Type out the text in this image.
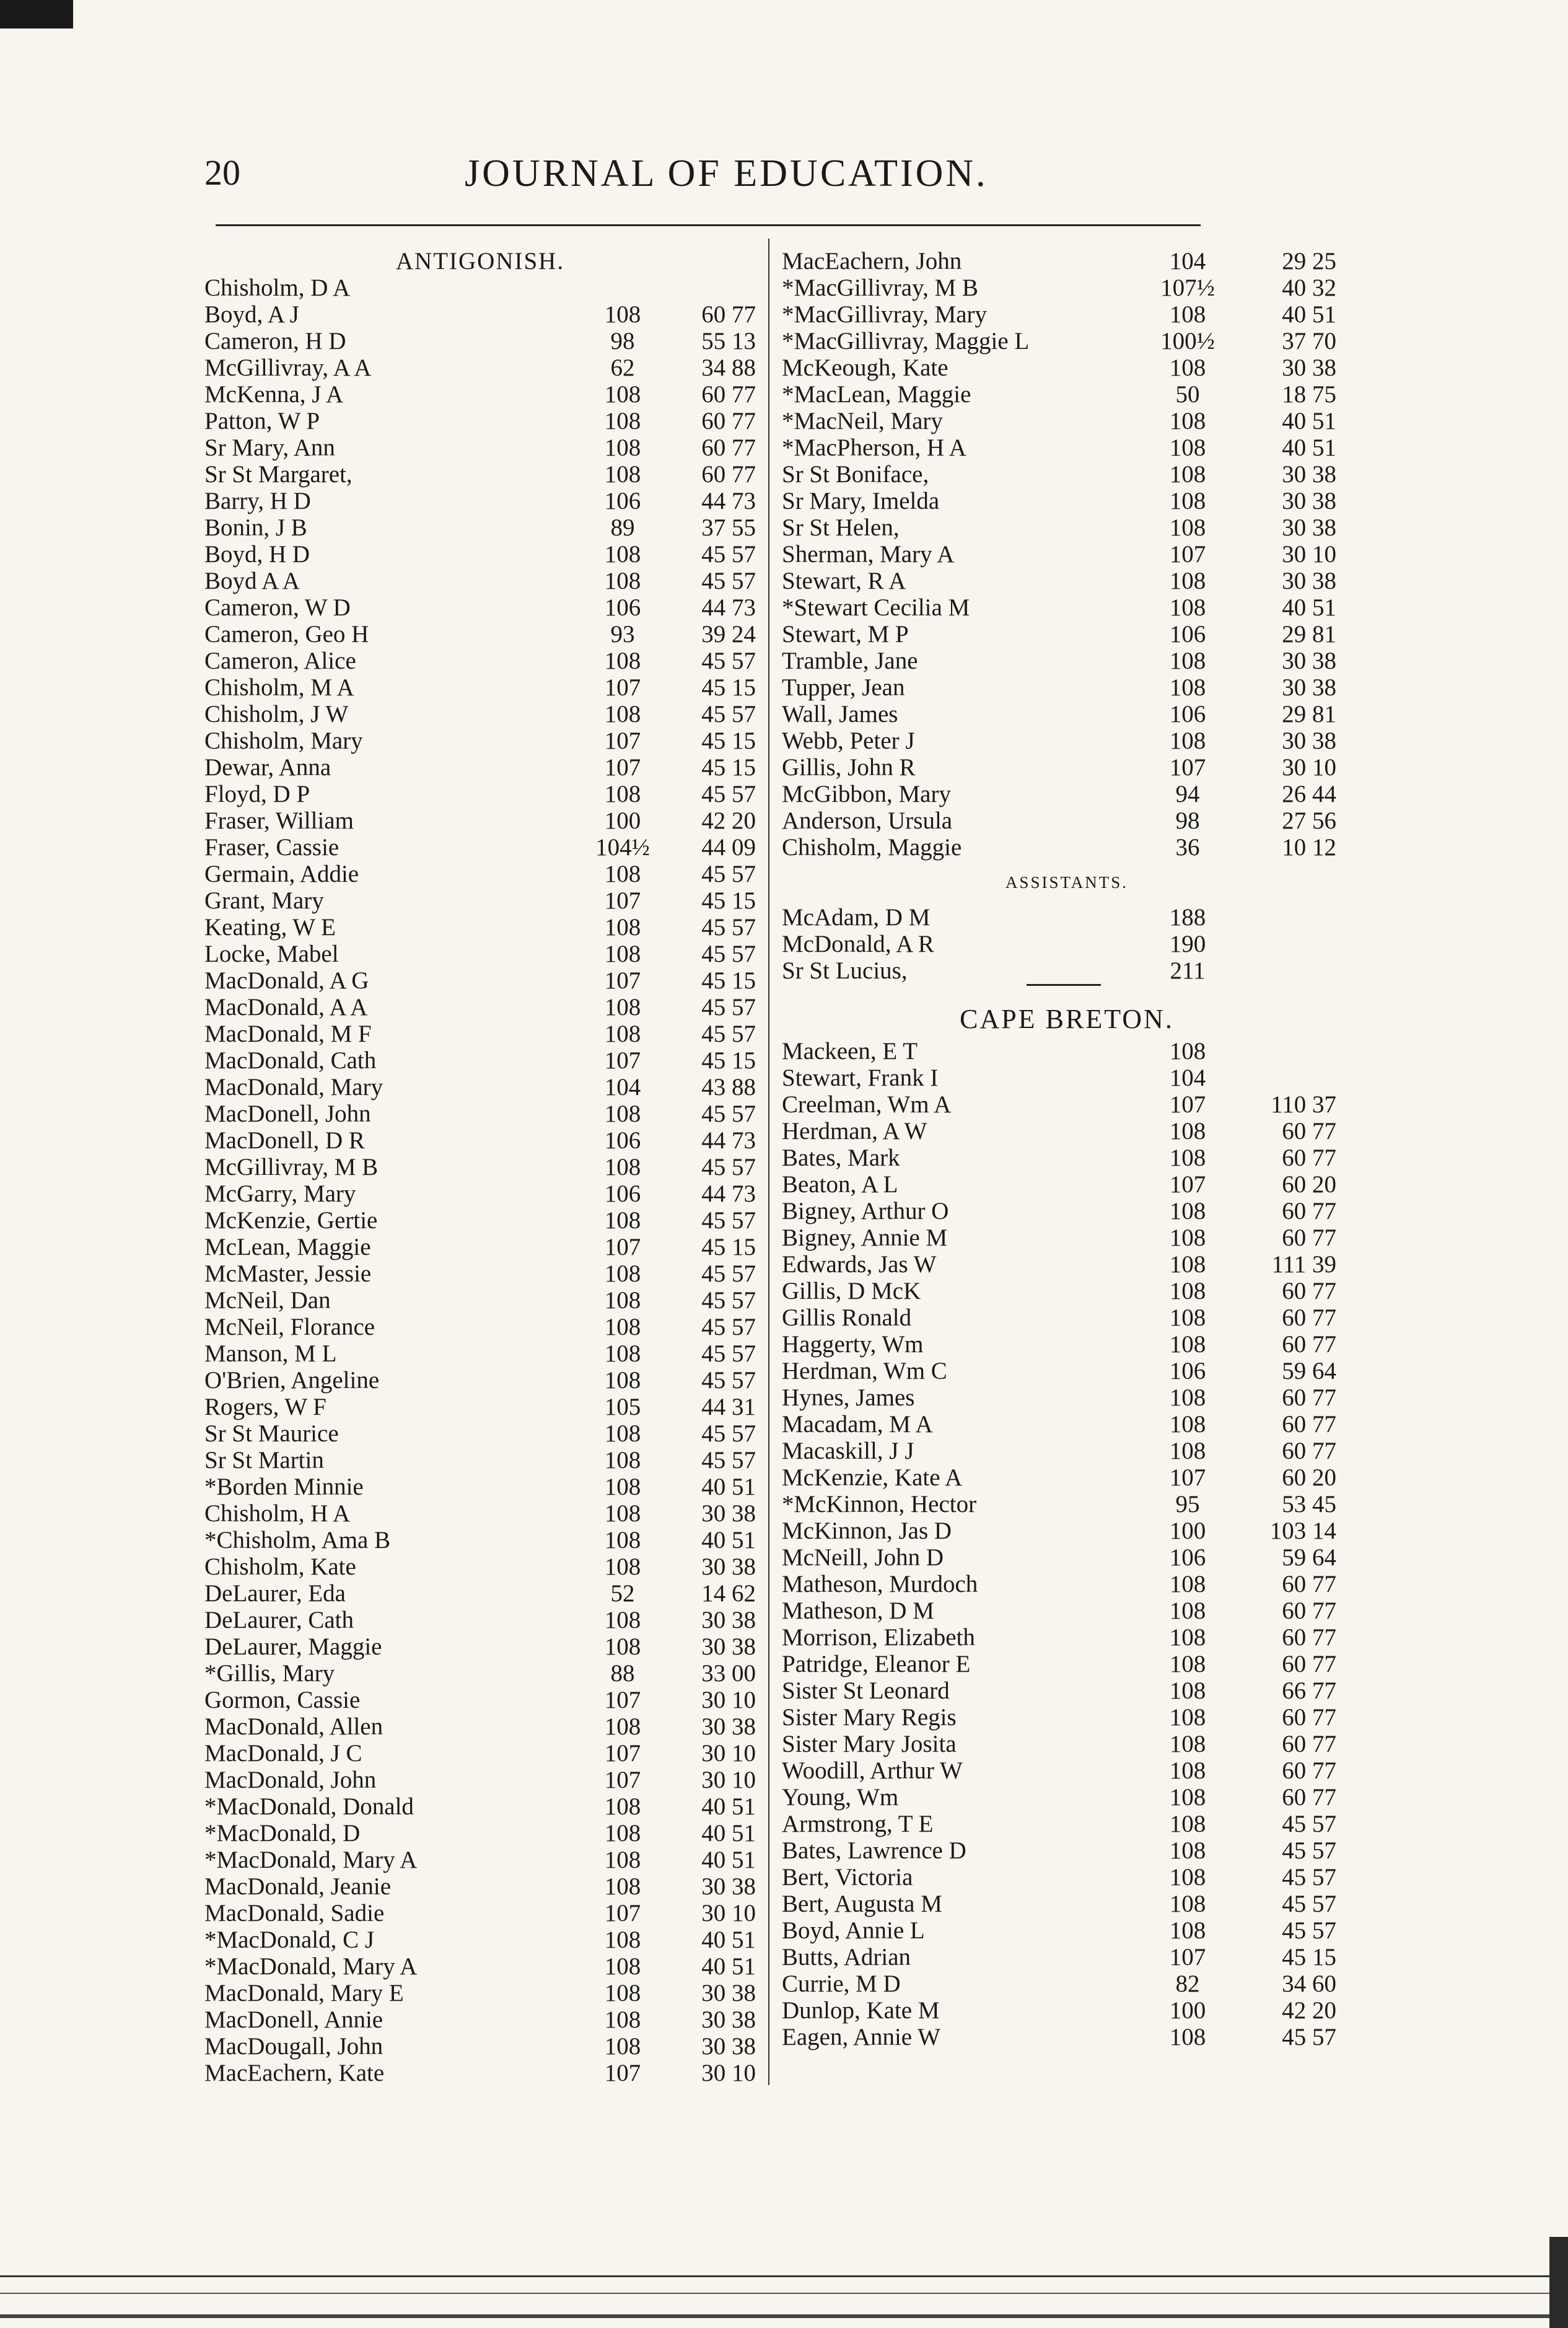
20	JOURNAL OF EDUCATION.
ANTIGONISH.
Chisholm, D A
Boyd, A J	108	60 77
Cameron, H D	98	55 13
McGillivray, A A	62	34 88
McKenna, J A	108	60 77
Patton, W P	108	60 77
Sr Mary, Ann	108	60 77
Sr St Margaret,	108	60 77
Barry, H D	106	44 73
Bonin, J B	89	37 55
Boyd, H D	108	45 57
Boyd A A	108	45 57
Cameron, W D	106	44 73
Cameron, Geo H	93	39 24
Cameron, Alice	108	45 57
Chisholm, M A	107	45 15
Chisholm, J W	108	45 57
Chisholm, Mary	107	45 15
Dewar, Anna	107	45 15
Floyd, D P	108	45 57
Fraser, William	100	42 20
Fraser, Cassie	104½	44 09
Germain, Addie	108	45 57
Grant, Mary	107	45 15
Keating, W E	108	45 57
Locke, Mabel	108	45 57
MacDonald, A G	107	45 15
MacDonald, A A	108	45 57
MacDonald, M F	108	45 57
MacDonald, Cath	107	45 15
MacDonald, Mary	104	43 88
MacDonell, John	108	45 57
MacDonell, D R	106	44 73
McGillivray, M B	108	45 57
McGarry, Mary	106	44 73
McKenzie, Gertie	108	45 57
McLean, Maggie	107	45 15
McMaster, Jessie	108	45 57
McNeil, Dan	108	45 57
McNeil, Florance	108	45 57
Manson, M L	108	45 57
O'Brien, Angeline	108	45 57
Rogers, W F	105	44 31
Sr St Maurice	108	45 57
Sr St Martin	108	45 57
*Borden Minnie	108	40 51
Chisholm, H A	108	30 38
*Chisholm, Ama B	108	40 51
Chisholm, Kate	108	30 38
DeLaurer, Eda	52	14 62
DeLaurer, Cath	108	30 38
DeLaurer, Maggie	108	30 38
*Gillis, Mary	88	33 00
Gormon, Cassie	107	30 10
MacDonald, Allen	108	30 38
MacDonald, J C	107	30 10
MacDonald, John	107	30 10
*MacDonald, Donald	108	40 51
*MacDonald, D	108	40 51
*MacDonald, Mary A	108	40 51
MacDonald, Jeanie	108	30 38
MacDonald, Sadie	107	30 10
*MacDonald, C J	108	40 51
*MacDonald, Mary A	108	40 51
MacDonald, Mary E	108	30 38
MacDonell, Annie	108	30 38
MacDougall, John	108	30 38
MacEachern, Kate	107	30 10
MacEachern, John	104	29 25
*MacGillivray, M B	107½	40 32
*MacGillivray, Mary	108	40 51
*MacGillivray, Maggie L	100½	37 70
McKeough, Kate	108	30 38
*MacLean, Maggie	50	18 75
*MacNeil, Mary	108	40 51
*MacPherson, H A	108	40 51
Sr St Boniface,	108	30 38
Sr Mary, Imelda	108	30 38
Sr St Helen,	108	30 38
Sherman, Mary A	107	30 10
Stewart, R A	108	30 38
*Stewart Cecilia M	108	40 51
Stewart, M P	106	29 81
Tramble, Jane	108	30 38
Tupper, Jean	108	30 38
Wall, James	106	29 81
Webb, Peter J	108	30 38
Gillis, John R	107	30 10
McGibbon, Mary	94	26 44
Anderson, Ursula	98	27 56
Chisholm, Maggie	36	10 12
ASSISTANTS.
McAdam, D M	188
McDonald, A R	190
Sr St Lucius,	211
CAPE BRETON.
Mackeen, E T	108
Stewart, Frank I	104
Creelman, Wm A	107	110 37
Herdman, A W	108	60 77
Bates, Mark	108	60 77
Beaton, A L	107	60 20
Bigney, Arthur O	108	60 77
Bigney, Annie M	108	60 77
Edwards, Jas W	108	111 39
Gillis, D McK	108	60 77
Gillis Ronald	108	60 77
Haggerty, Wm	108	60 77
Herdman, Wm C	106	59 64
Hynes, James	108	60 77
Macadam, M A	108	60 77
Macaskill, J J	108	60 77
McKenzie, Kate A	107	60 20
*McKinnon, Hector	95	53 45
McKinnon, Jas D	100	103 14
McNeill, John D	106	59 64
Matheson, Murdoch	108	60 77
Matheson, D M	108	60 77
Morrison, Elizabeth	108	60 77
Patridge, Eleanor E	108	60 77
Sister St Leonard	108	66 77
Sister Mary Regis	108	60 77
Sister Mary Josita	108	60 77
Woodill, Arthur W	108	60 77
Young, Wm	108	60 77
Armstrong, T E	108	45 57
Bates, Lawrence D	108	45 57
Bert, Victoria	108	45 57
Bert, Augusta M	108	45 57
Boyd, Annie L	108	45 57
Butts, Adrian	107	45 15
Currie, M D	82	34 60
Dunlop, Kate M	100	42 20
Eagen, Annie W	108	45 57
